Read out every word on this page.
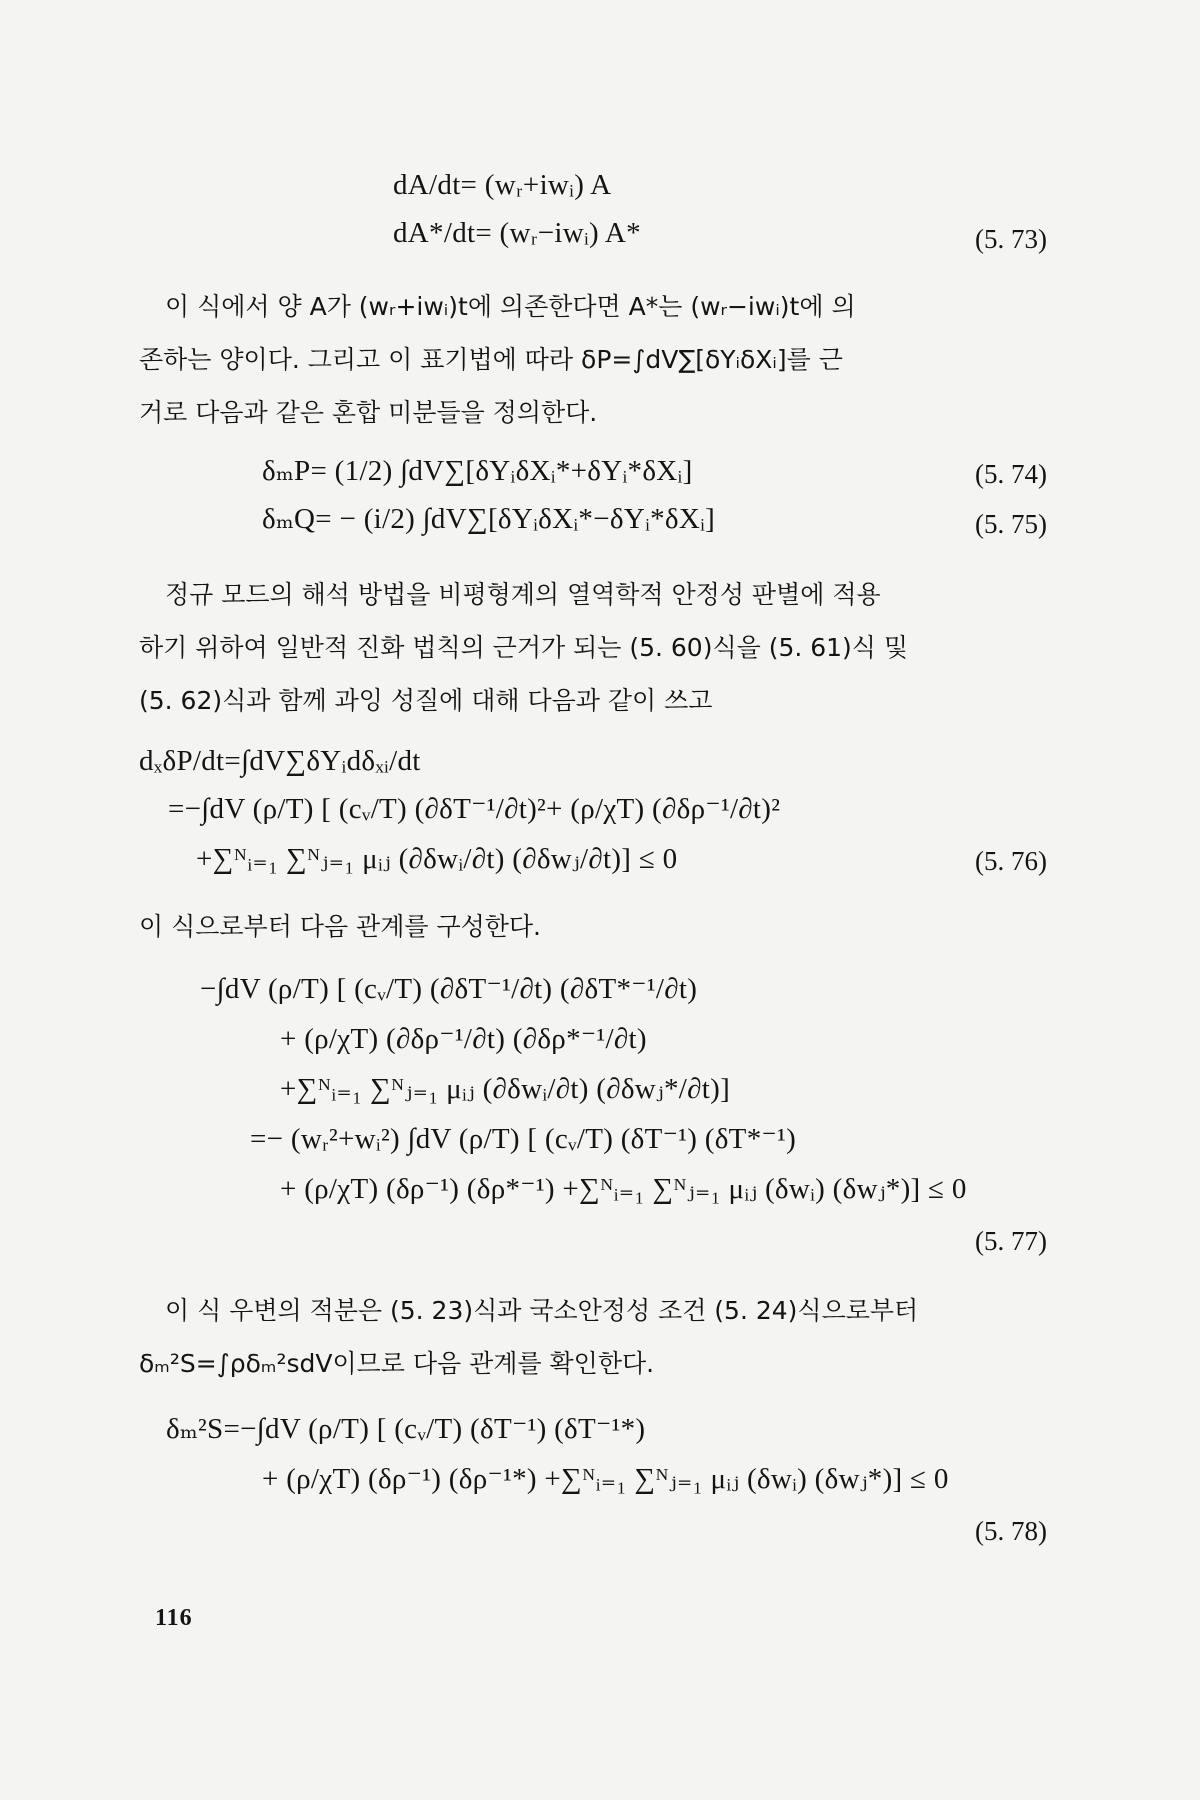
dA/dt= (wᵣ+iwᵢ) A
dA*/dt= (wᵣ−iwᵢ) A*	(5. 73)
이 식에서 양 A가 (wᵣ+iwᵢ)t에 의존한다면 A*는 (wᵣ−iwᵢ)t에 의
존하는 양이다. 그리고 이 표기법에 따라 δP=∫dV∑[δYᵢδXᵢ]를 근
거로 다음과 같은 혼합 미분들을 정의한다.
δₘP= (1/2) ∫dV∑[δYᵢδXᵢ*+δYᵢ*δXᵢ]	(5. 74)
δₘQ= − (i/2) ∫dV∑[δYᵢδXᵢ*−δYᵢ*δXᵢ]	(5. 75)
정규 모드의 해석 방법을 비평형계의 열역학적 안정성 판별에 적용
하기 위하여 일반적 진화 법칙의 근거가 되는 (5. 60)식을 (5. 61)식 및
(5. 62)식과 함께 과잉 성질에 대해 다음과 같이 쓰고
dₓδP/dt=∫dV∑δYᵢdδₓᵢ/dt
=−∫dV (ρ/T) [ (cᵥ/T) (∂δT⁻¹/∂t)²+ (ρ/χT) (∂δρ⁻¹/∂t)²
+∑ᴺᵢ₌₁ ∑ᴺⱼ₌₁ μᵢⱼ (∂δwᵢ/∂t) (∂δwⱼ/∂t)] ≤ 0	(5. 76)
이 식으로부터 다음 관계를 구성한다.
−∫dV (ρ/T) [ (cᵥ/T) (∂δT⁻¹/∂t) (∂δT*⁻¹/∂t)
+ (ρ/χT) (∂δρ⁻¹/∂t) (∂δρ*⁻¹/∂t)
+∑ᴺᵢ₌₁ ∑ᴺⱼ₌₁ μᵢⱼ (∂δwᵢ/∂t) (∂δwⱼ*/∂t)]
=− (wᵣ²+wᵢ²) ∫dV (ρ/T) [ (cᵥ/T) (δT⁻¹) (δT*⁻¹)
+ (ρ/χT) (δρ⁻¹) (δρ*⁻¹) +∑ᴺᵢ₌₁ ∑ᴺⱼ₌₁ μᵢⱼ (δwᵢ) (δwⱼ*)] ≤ 0
(5. 77)
이 식 우변의 적분은 (5. 23)식과 국소안정성 조건 (5. 24)식으로부터
δₘ²S=∫ρδₘ²sdV이므로 다음 관계를 확인한다.
δₘ²S=−∫dV (ρ/T) [ (cᵥ/T) (δT⁻¹) (δT⁻¹*)
+ (ρ/χT) (δρ⁻¹) (δρ⁻¹*) +∑ᴺᵢ₌₁ ∑ᴺⱼ₌₁ μᵢⱼ (δwᵢ) (δwⱼ*)] ≤ 0
(5. 78)
116
